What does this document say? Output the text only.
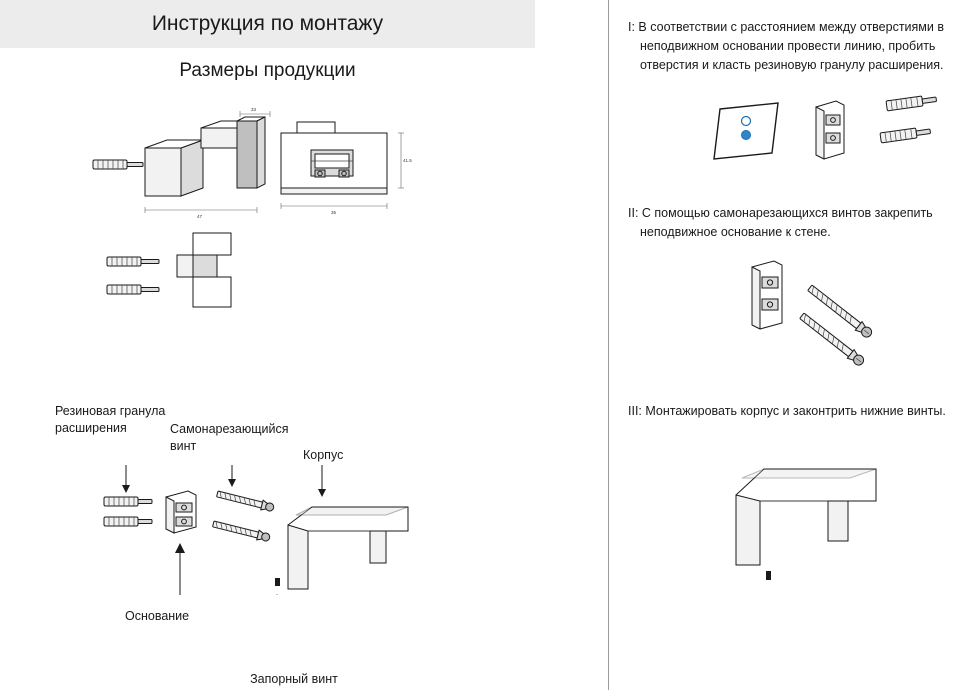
Инструкция по монтажу
Размеры продукции
33
47
41.5
35
Резиновая гранула
расширения	Самонарезающийся
винт
Корпус
Основание
Запорный винт
I: В соответствии с расстоянием между отверстиями в
неподвижном основании провести линию, пробить
отверстия и класть резиновую гранулу расширения.
II: С помощью самонарезающихся винтов закрепить
неподвижное основание к стене.
III: Монтажировать корпус и законтрить нижние винты.
